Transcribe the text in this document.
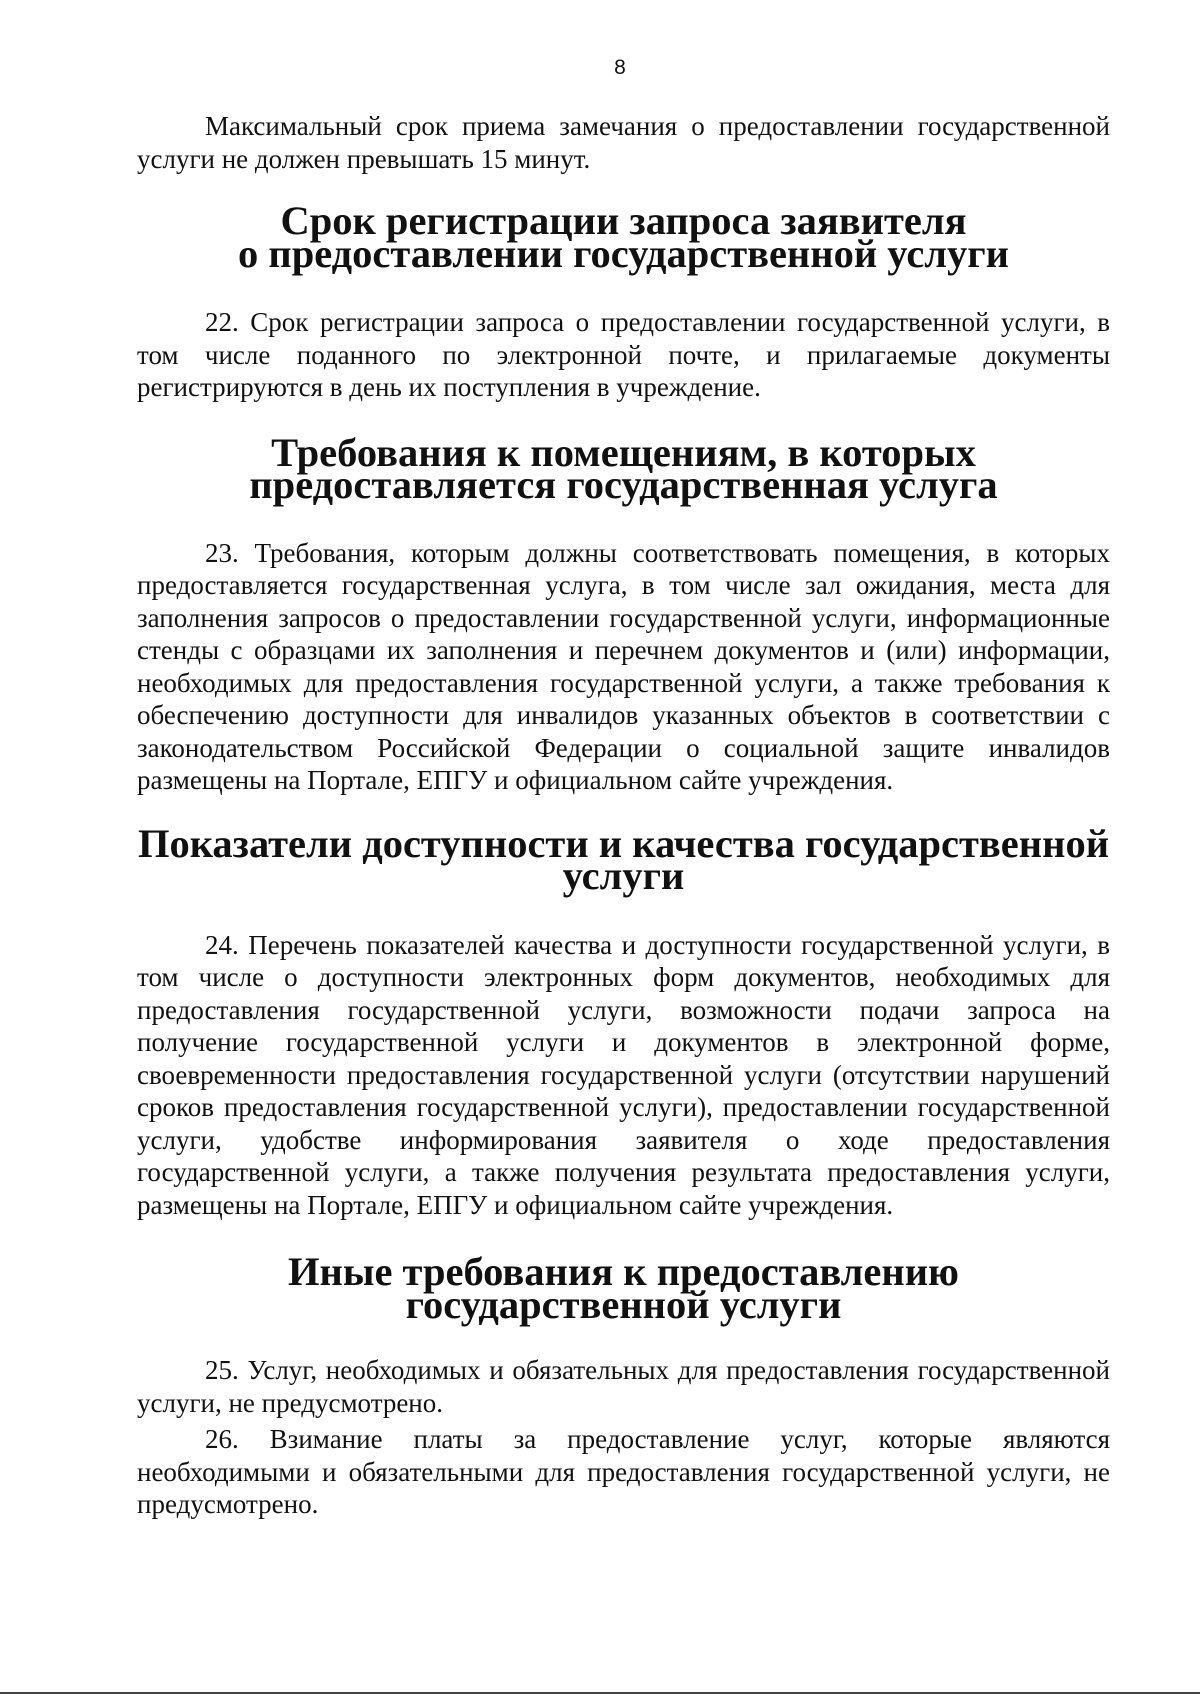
8

Максимальный срок приема замечания о предоставлении государственной услуги не должен превышать 15 минут.

Срок регистрации запроса заявителя
о предоставлении государственной услуги

22. Срок регистрации запроса о предоставлении государственной услуги, в том числе поданного по электронной почте, и прилагаемые документы регистрируются в день их поступления в учреждение.

Требования к помещениям, в которых
предоставляется государственная услуга

23. Требования, которым должны соответствовать помещения, в которых предоставляется государственная услуга, в том числе зал ожидания, места для заполнения запросов о предоставлении государственной услуги, информационные стенды с образцами их заполнения и перечнем документов и (или) информации, необходимых для предоставления государственной услуги, а также требования к обеспечению доступности для инвалидов указанных объектов в соответствии с законодательством Российской Федерации о социальной защите инвалидов размещены на Портале, ЕПГУ и официальном сайте учреждения.

Показатели доступности и качества государственной услуги

24. Перечень показателей качества и доступности государственной услуги, в том числе о доступности электронных форм документов, необходимых для предоставления государственной услуги, возможности подачи запроса на получение государственной услуги и документов в электронной форме, своевременности предоставления государственной услуги (отсутствии нарушений сроков предоставления государственной услуги), предоставлении государственной услуги, удобстве информирования заявителя о ходе предоставления государственной услуги, а также получения результата предоставления услуги, размещены на Портале, ЕПГУ и официальном сайте учреждения.

Иные требования к предоставлению государственной услуги

25. Услуг, необходимых и обязательных для предоставления государственной услуги, не предусмотрено.

26. Взимание платы за предоставление услуг, которые являются необходимыми и обязательными для предоставления государственной услуги, не предусмотрено.
